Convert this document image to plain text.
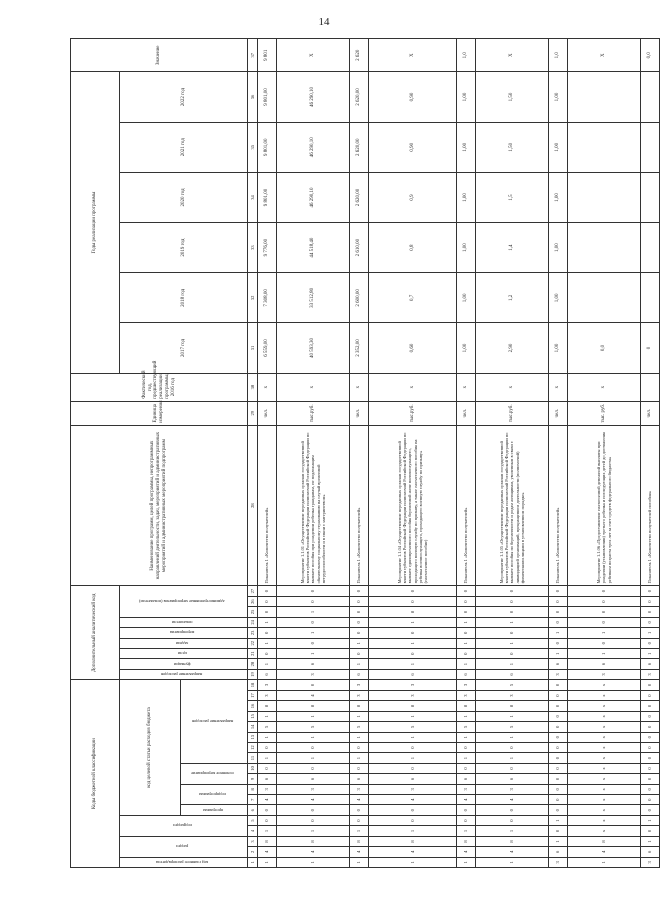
14
Коды бюджетной классификации																		Дополнительный аналитический код									Наименование программ, целей программы, непрограммных направлений деятельности, задач, мероприятий и административных мероприятий и административных мероприятий подпрограмм	Единица измерения	Фактический год, предшествующий реализации программы, 2016 год	Годы реализации программы						Значение
код главного распорядителя	раздел		подраздел		код целевой статьи расходов бюджета													направление расходов	функции	цели	задачи	мероприятия	показатели	административные мероприятия (показатели)						2017 год	2018 год	2019 год	2020 год	2021 год	2022 год	
					программа	подпрограмма		основное мероприятие		направление расходов																										
1	2	3	4	5	6	7	8	9	10	11	12	13	14	15	16	17	18	19	20	21	22	23	24	25	26	27	28	29	30	31	32	33	34	35	36	37
1	4	8	1	0	0	4	3	6	0	1	0	1	5	1	8	3	3	6	1	0	1	0	1	0	0	0	Показатель 1 «Количество получателей»	чел.	х	6 559,00	7 308,00	9 776,00	9 801,00	9 801,00	9 801,00	9 801
1	4	8	1	0	0	4	3	6	0	1	0	1	5	1	8	4	0	3	6	1	0	1	0	1	0	0	Мероприятие 1.1.01 «Осуществление переданных органам государственной власти субъектов Российской Федерации полномочий Российской Федерации по выплате пособия при рождении ребенка гражданам, не подлежащим обязательному социальному страхованию на случай временной нетрудоспособности и в связи с материнством»	тыс.руб.	х	40 593,30	33 512,80	44 518,40	46 290,10	46 290,10	46 290,10	Х
1	4	8	1	0	0	4	3	6	0	1	0	1	5	1	8	3	3	6	1	0	1	0	0	0	0	0	Показатель 1 «Количество получателей»	чел.	х	2 352,00	2 600,00	2 610,00	2 620,00	2 620,00	2 620,00	2 620
1	4	8	1	0	0	4	3	6	0	1	0	1	5	1	8	3	3	6	1	0	1	0	1	8	0	0	Мероприятие 1.1.04 «Осуществление переданных органам государственной власти субъектов Российской Федерации полномочий Российской Федерации по выплате единовременного пособия беременной жене военнослужащего, проходящего военную службу по призыву, а также ежемесячного пособия на ребенка военнослужащего, проходящего военную службу по призыву» (ежемесячное пособие)	тыс.руб.	х	0,60	0,7	0,8	0,9	0,90	0,90	Х
1	4	8	1	0	0	4	3	6	0	1	0	1	5	1	8	3	3	6	1	0	1	0	1	0	0	0	Показатель 1 «Количество получателей»	чел.	х	1,00	1,00	1,00	1,00	1,00	1,00	1,0
1	4	8	1	0	0	4	3	6	0	1	0	1	5	1	8	3	5	6	1	0	1	0	1	0	0	0	Мероприятие 1.1.05 «Осуществление переданных органам государственной власти субъектов Российской Федерации полномочий Российской Федерации по выплате пособия по беременности и родам женщинам, уволенным в связи с ликвидацией организаций, прекращением деятельности (полномочий) физическими лицами в установленном порядке»	тыс.руб.	х	2,90	1,2	1,4	1,5	1,50	1,50	Х
3	6	1	0	1	0	0	0	0	0	0	0	0	0	0	0	0	0	3	6	1	0	1	0	0	0	0	Показатель 1 «Количество получателей»	чел.	х	1,00	1,00	1,00	1,00	1,00	1,00	1,0
1	4	8	х	х	х	х	х	х	х	х	х	х	х	х	х	х	х	3	6	1	0	1	0	0	0	0	Мероприятие 1.1.06 «Предоставление ежемесячной денежной выплаты при рождении (усыновлении) третьего ребенка и последующих детей до достижения ребенком возраста трех лет за счет средств федерального бюджета»	тыс. руб.	х	0,0						Х
3	6	1	0	1	0	0	0	0	0	0	0	0	0	0	0	0	0	3	6	1	0	1	0	0	0	0	Показатель 1 «Количество получателей пособия»	чел.		0						0,0
